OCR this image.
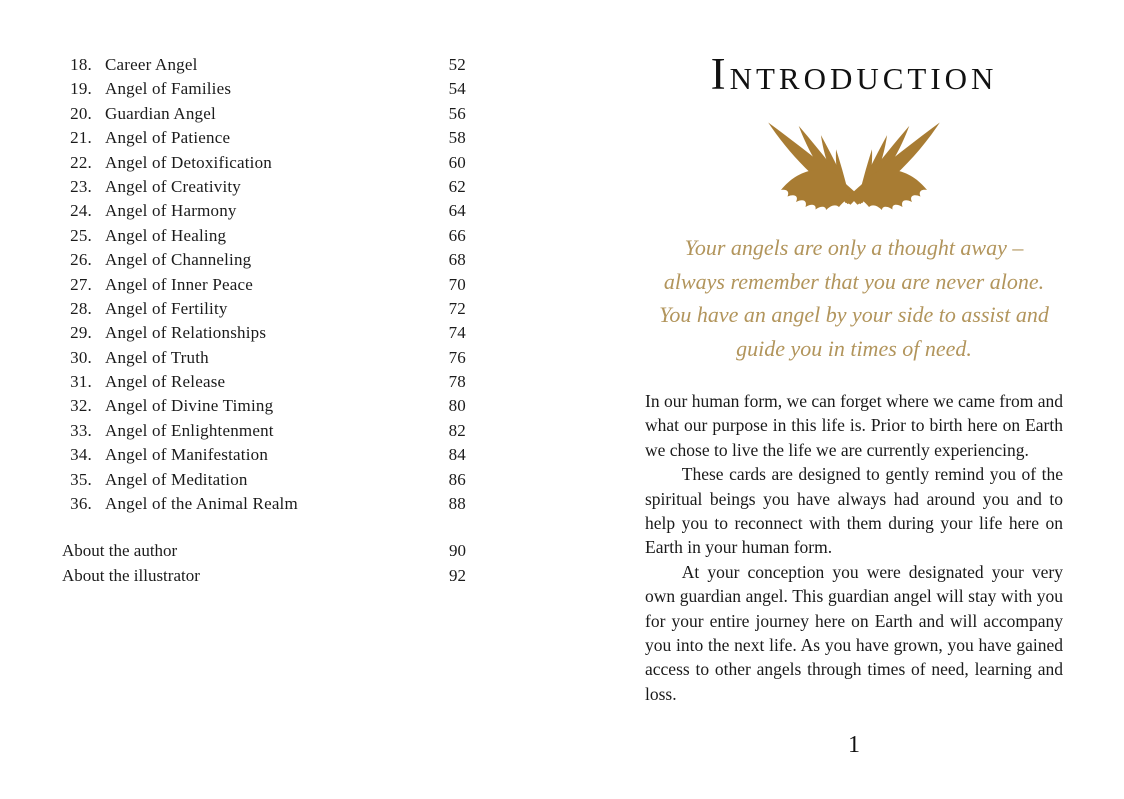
18. Career Angel	52
19. Angel of Families	54
20. Guardian Angel	56
21. Angel of Patience	58
22. Angel of Detoxification	60
23. Angel of Creativity	62
24. Angel of Harmony	64
25. Angel of Healing	66
26. Angel of Channeling	68
27. Angel of Inner Peace	70
28. Angel of Fertility	72
29. Angel of Relationships	74
30. Angel of Truth	76
31. Angel of Release	78
32. Angel of Divine Timing	80
33. Angel of Enlightenment	82
34. Angel of Manifestation	84
35. Angel of Meditation	86
36. Angel of the Animal Realm	88
About the author	90
About the illustrator	92
INTRODUCTION
Your angels are only a thought away –
always remember that you are never alone.
You have an angel by your side to assist and
guide you in times of need.

In our human form, we can forget where we came from and what our purpose in this life is. Prior to birth here on Earth we chose to live the life we are currently experiencing.

These cards are designed to gently remind you of the spiritual beings you have always had around you and to help you to reconnect with them during your life here on Earth in your human form.

At your conception you were designated your very own guardian angel. This guardian angel will stay with you for your entire journey here on Earth and will accompany you into the next life. As you have grown, you have gained access to other angels through times of need, learning and loss.

1
